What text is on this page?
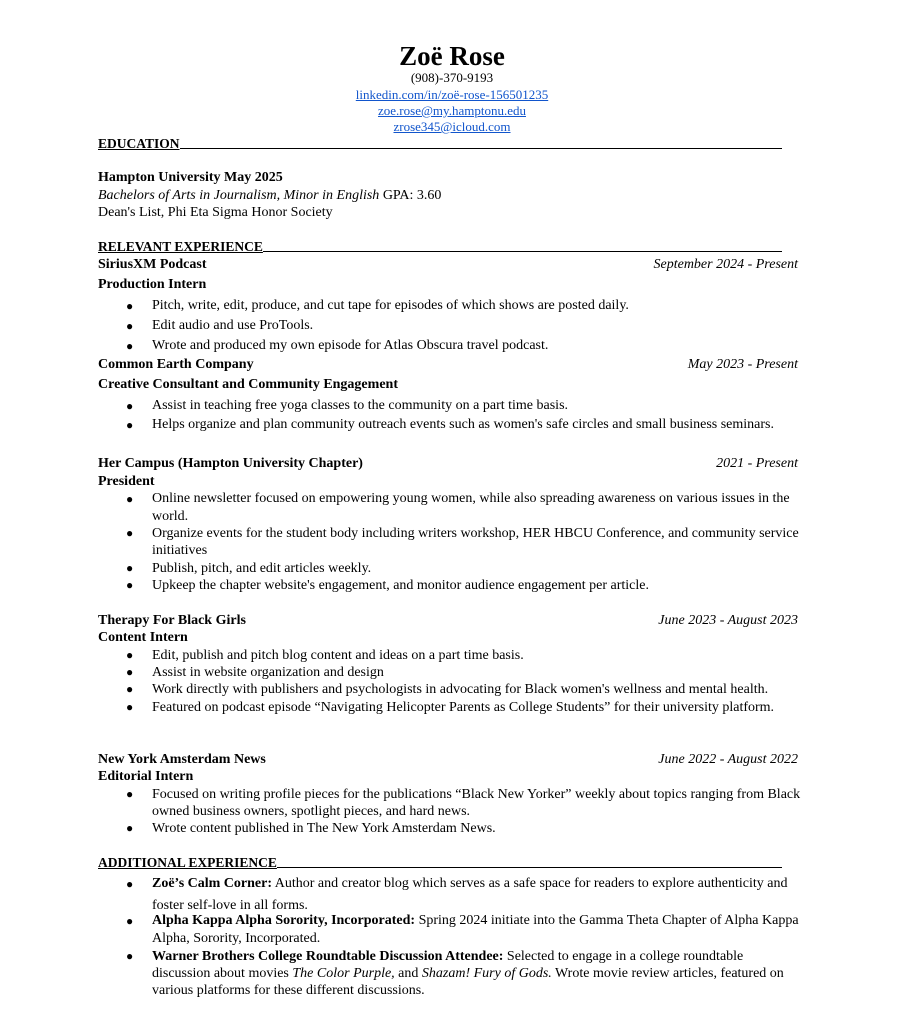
Zoë Rose
(908)-370-9193
linkedin.com/in/zoë-rose-156501235
zoe.rose@my.hamptonu.edu
zrose345@icloud.com
EDUCATION
Hampton University May 2025
Bachelors of Arts in Journalism, Minor in English GPA: 3.60
Dean's List, Phi Eta Sigma Honor Society
RELEVANT EXPERIENCE
SiriusXM Podcast	September 2024 - Present
Production Intern
●	Pitch, write, edit, produce, and cut tape for episodes of which shows are posted daily.
●	Edit audio and use ProTools.
●	Wrote and produced my own episode for Atlas Obscura travel podcast.
Common Earth Company	May 2023 - Present
Creative Consultant and Community Engagement
●	Assist in teaching free yoga classes to the community on a part time basis.
●	Helps organize and plan community outreach events such as women's safe circles and small business seminars.
Her Campus (Hampton University Chapter)	2021 - Present
President
●	Online newsletter focused on empowering young women, while also spreading awareness on various issues in the world.
●	Organize events for the student body including writers workshop, HER HBCU Conference, and community service initiatives
●	Publish, pitch, and edit articles weekly.
●	Upkeep the chapter website's engagement, and monitor audience engagement per article.
Therapy For Black Girls	June 2023 - August 2023
Content Intern
●	Edit, publish and pitch blog content and ideas on a part time basis.
●	Assist in website organization and design
●	Work directly with publishers and psychologists in advocating for Black women's wellness and mental health.
●	Featured on podcast episode “Navigating Helicopter Parents as College Students” for their university platform.
New York Amsterdam News	June 2022 - August 2022
Editorial Intern
●	Focused on writing profile pieces for the publications “Black New Yorker” weekly about topics ranging from Black owned business owners, spotlight pieces, and hard news.
●	Wrote content published in The New York Amsterdam News.
ADDITIONAL EXPERIENCE
●	Zoë’s Calm Corner: Author and creator blog which serves as a safe space for readers to explore authenticity and foster self-love in all forms.
●	Alpha Kappa Alpha Sorority, Incorporated: Spring 2024 initiate into the Gamma Theta Chapter of Alpha Kappa Alpha, Sorority, Incorporated.
●	Warner Brothers College Roundtable Discussion Attendee: Selected to engage in a college roundtable discussion about movies The Color Purple, and Shazam! Fury of Gods. Wrote movie review articles, featured on various platforms for these different discussions.
